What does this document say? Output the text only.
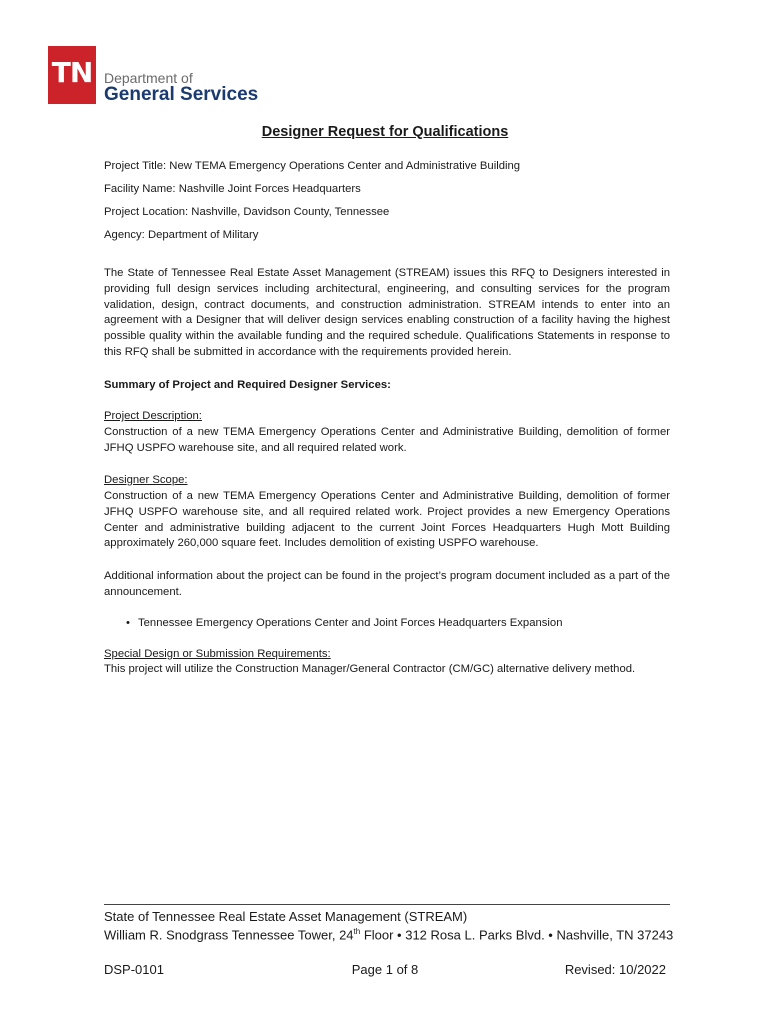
TN Department of
General Services
Designer Request for Qualifications
Project Title: New TEMA Emergency Operations Center and Administrative Building
Facility Name: Nashville Joint Forces Headquarters
Project Location: Nashville, Davidson County, Tennessee
Agency: Department of Military
The State of Tennessee Real Estate Asset Management (STREAM) issues this RFQ to Designers interested in providing full design services including architectural, engineering, and consulting services for the program validation, design, contract documents, and construction administration. STREAM intends to enter into an agreement with a Designer that will deliver design services enabling construction of a facility having the highest possible quality within the available funding and the required schedule. Qualifications Statements in response to this RFQ shall be submitted in accordance with the requirements provided herein.
Summary of Project and Required Designer Services:
Project Description:
Construction of a new TEMA Emergency Operations Center and Administrative Building, demolition of former JFHQ USPFO warehouse site, and all required related work.
Designer Scope:
Construction of a new TEMA Emergency Operations Center and Administrative Building, demolition of former JFHQ USPFO warehouse site, and all required related work. Project provides a new Emergency Operations Center and administrative building adjacent to the current Joint Forces Headquarters Hugh Mott Building approximately 260,000 square feet. Includes demolition of existing USPFO warehouse.
Additional information about the project can be found in the project’s program document included as a part of the announcement.
• Tennessee Emergency Operations Center and Joint Forces Headquarters Expansion
Special Design or Submission Requirements:
This project will utilize the Construction Manager/General Contractor (CM/GC) alternative delivery method.
State of Tennessee Real Estate Asset Management (STREAM)
William R. Snodgrass Tennessee Tower, 24th Floor • 312 Rosa L. Parks Blvd. • Nashville, TN 37243
DSP-0101	Page 1 of 8	Revised: 10/2022
